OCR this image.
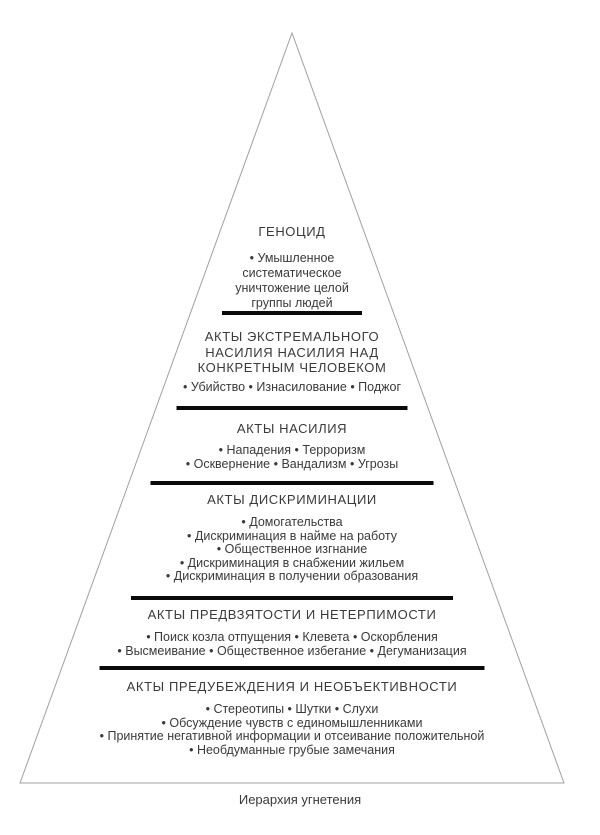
ГЕНОЦИД
• Умышленное
систематическое
уничтожение целой
группы людей
АКТЫ ЭКСТРЕМАЛЬНОГО
НАСИЛИЯ НАСИЛИЯ НАД
КОНКРЕТНЫМ ЧЕЛОВЕКОМ
• Убийство • Изнасилование • Поджог
АКТЫ НАСИЛИЯ
• Нападения • Терроризм
• Осквернение • Вандализм • Угрозы
АКТЫ ДИСКРИМИНАЦИИ
• Домогательства
• Дискриминация в найме на работу
• Общественное изгнание
• Дискриминация в снабжении жильем
• Дискриминация в получении образования
АКТЫ ПРЕДВЗЯТОСТИ И НЕТЕРПИМОСТИ
• Поиск козла отпущения • Клевета • Оскорбления
• Высмеивание • Общественное избегание • Дегуманизация
АКТЫ ПРЕДУБЕЖДЕНИЯ И НЕОБЪЕКТИВНОСТИ
• Стереотипы • Шутки • Слухи
• Обсуждение чувств с единомышленниками
• Принятие негативной информации и отсеивание положительной
• Необдуманные грубые замечания
Иерархия угнетения
